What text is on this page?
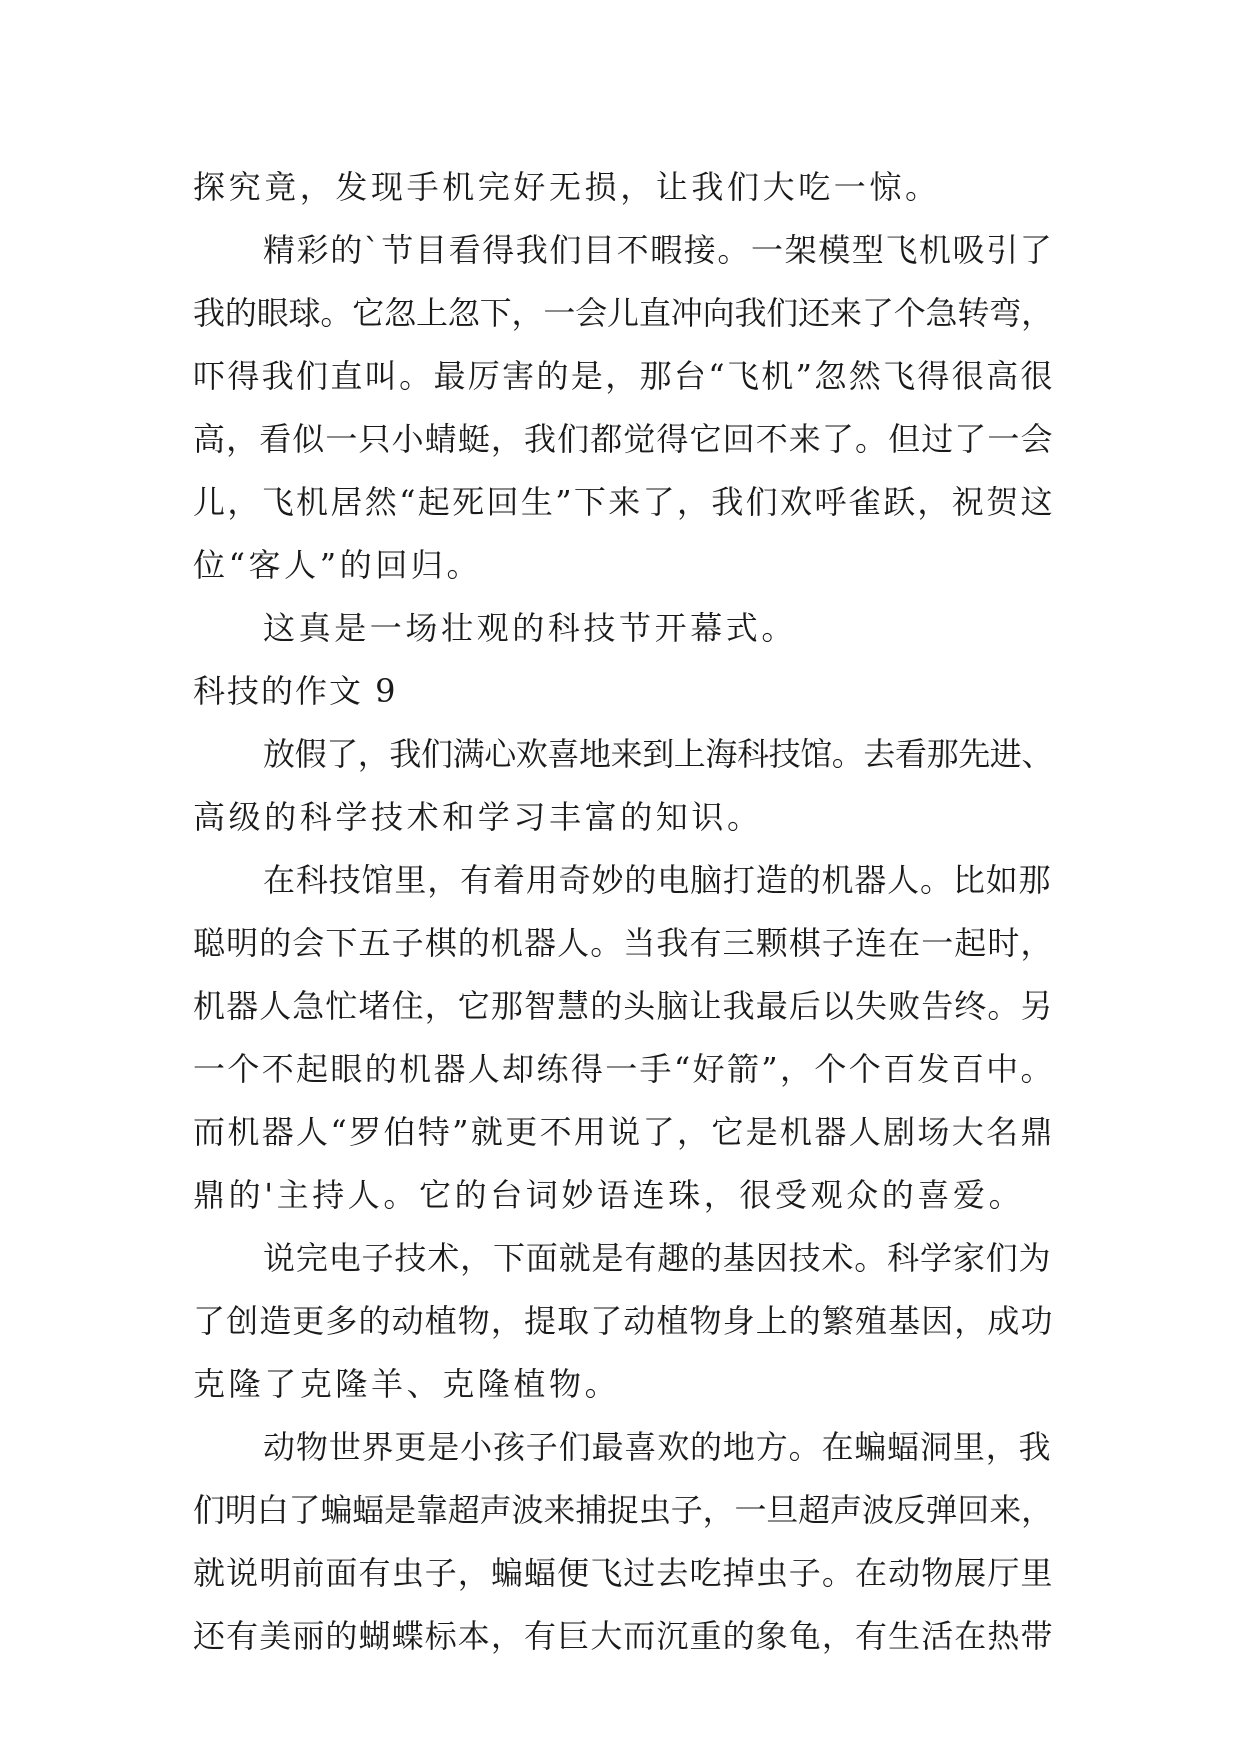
探究竟，发现手机完好无损，让我们大吃一惊。
精彩的`节目看得我们目不暇接。一架模型飞机吸引了
我的眼球。它忽上忽下，一会儿直冲向我们还来了个急转弯，
吓得我们直叫。最厉害的是，那台“飞机”忽然飞得很高很
高，看似一只小蜻蜓，我们都觉得它回不来了。但过了一会
儿，飞机居然“起死回生”下来了，我们欢呼雀跃，祝贺这
位“客人”的回归。
这真是一场壮观的科技节开幕式。
科技的作文 9
放假了，我们满心欢喜地来到上海科技馆。去看那先进、
高级的科学技术和学习丰富的知识。
在科技馆里，有着用奇妙的电脑打造的机器人。比如那
聪明的会下五子棋的机器人。当我有三颗棋子连在一起时，
机器人急忙堵住，它那智慧的头脑让我最后以失败告终。另
一个不起眼的机器人却练得一手“好箭”，个个百发百中。
而机器人“罗伯特”就更不用说了，它是机器人剧场大名鼎
鼎的'主持人。它的台词妙语连珠，很受观众的喜爱。
说完电子技术，下面就是有趣的基因技术。科学家们为
了创造更多的动植物，提取了动植物身上的繁殖基因，成功
克隆了克隆羊、克隆植物。
动物世界更是小孩子们最喜欢的地方。在蝙蝠洞里，我
们明白了蝙蝠是靠超声波来捕捉虫子，一旦超声波反弹回来，
就说明前面有虫子，蝙蝠便飞过去吃掉虫子。在动物展厅里
还有美丽的蝴蝶标本，有巨大而沉重的象龟，有生活在热带
